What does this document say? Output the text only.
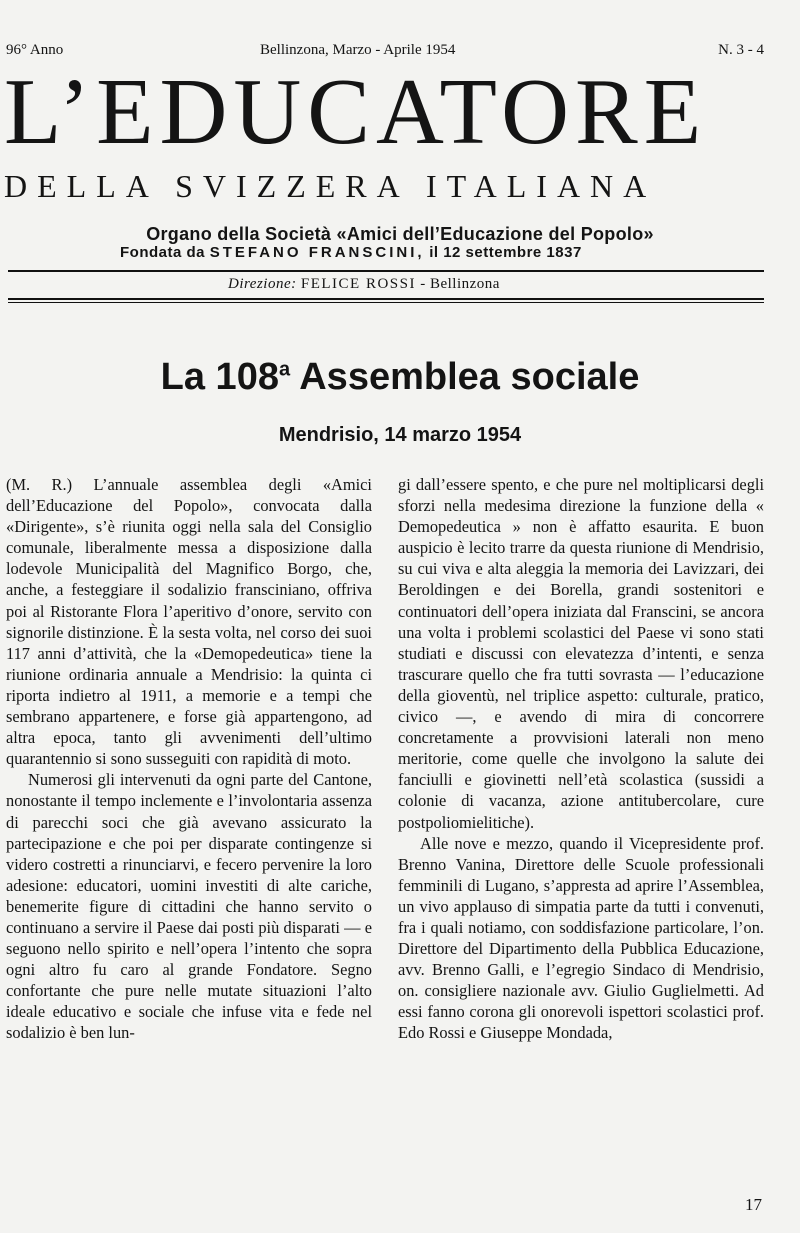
96° Anno	Bellinzona, Marzo - Aprile 1954	N. 3 - 4
L’EDUCATORE
DELLA SVIZZERA ITALIANA
Organo della Società «Amici dell’Educazione del Popolo»
Fondata da STEFANO FRANSCINI, il 12 settembre 1837
Direzione: FELICE ROSSI - Bellinzona
La 108$^a$ Assemblea sociale
Mendrisio, 14 marzo 1954

(M. R.) L’annuale assemblea degli «Amici dell’Educazione del Popolo», convocata dalla «Dirigente», s’è riunita oggi nella sala del Consiglio comunale, liberalmente messa a disposizione dalla lodevole Municipalità del Magnifico Borgo, che, anche, a festeggiare il sodalizio fransciniano, offriva poi al Ristorante Flora l’aperitivo d’onore, servito con signorile distinzione. È la sesta volta, nel corso dei suoi 117 anni d’attività, che la «Demopedeutica» tiene la riunione ordinaria annuale a Mendrisio: la quinta ci riporta indietro al 1911, a memorie e a tempi che sembrano appartenere, e forse già appartengono, ad altra epoca, tanto gli avvenimenti dell’ultimo quarantennio si sono susseguiti con rapidità di moto.

Numerosi gli intervenuti da ogni parte del Cantone, nonostante il tempo inclemente e l’involontaria assenza di parecchi soci che già avevano assicurato la partecipazione e che poi per disparate contingenze si videro costretti a rinunciarvi, e fecero pervenire la loro adesione: educatori, uomini investiti di alte cariche, benemerite figure di cittadini che hanno servito o continuano a servire il Paese dai posti più disparati — e seguono nello spirito e nell’opera l’intento che sopra ogni altro fu caro al grande Fondatore. Segno confortante che pure nelle mutate situazioni l’alto ideale educativo e sociale che infuse vita e fede nel sodalizio è ben lun-

gi dall’essere spento, e che pure nel moltiplicarsi degli sforzi nella medesima direzione la funzione della « Demopedeutica » non è affatto esaurita. E buon auspicio è lecito trarre da questa riunione di Mendrisio, su cui viva e alta aleggia la memoria dei Lavizzari, dei Beroldingen e dei Borella, grandi sostenitori e continuatori dell’opera iniziata dal Franscini, se ancora una volta i problemi scolastici del Paese vi sono stati studiati e discussi con elevatezza d’intenti, e senza trascurare quello che fra tutti sovrasta — l’educazione della gioventù, nel triplice aspetto: culturale, pratico, civico —, e avendo di mira di concorrere concretamente a provvisioni laterali non meno meritorie, come quelle che involgono la salute dei fanciulli e giovinetti nell’età scolastica (sussidi a colonie di vacanza, azione antitubercolare, cure postpoliomielitiche).

Alle nove e mezzo, quando il Vicepresidente prof. Brenno Vanina, Direttore delle Scuole professionali femminili di Lugano, s’appresta ad aprire l’Assemblea, un vivo applauso di simpatia parte da tutti i convenuti, fra i quali notiamo, con soddisfazione particolare, l’on. Direttore del Dipartimento della Pubblica Educazione, avv. Brenno Galli, e l’egregio Sindaco di Mendrisio, on. consigliere nazionale avv. Giulio Guglielmetti. Ad essi fanno corona gli onorevoli ispettori scolastici prof. Edo Rossi e Giuseppe Mondada,

17
